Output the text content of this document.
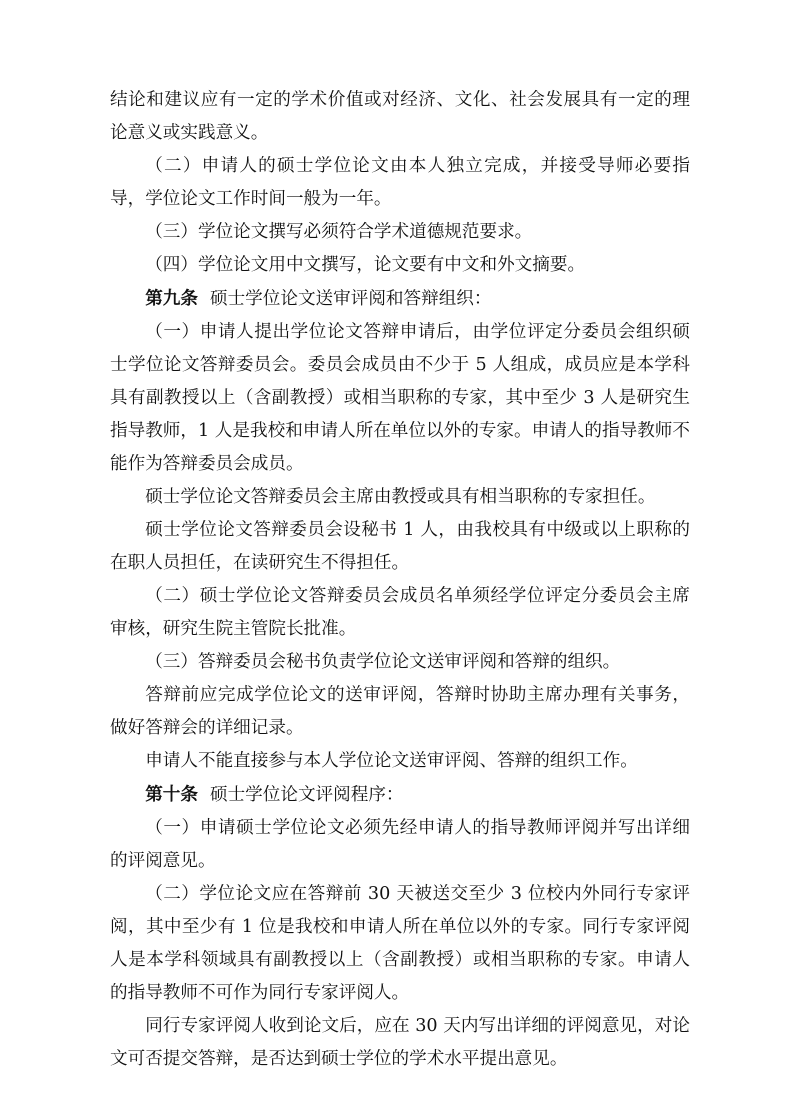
结论和建议应有一定的学术价值或对经济、文化、社会发展具有一定的理论意义或实践意义。

（二）申请人的硕士学位论文由本人独立完成，并接受导师必要指导，学位论文工作时间一般为一年。

（三）学位论文撰写必须符合学术道德规范要求。

（四）学位论文用中文撰写，论文要有中文和外文摘要。

第九条 硕士学位论文送审评阅和答辩组织：

（一）申请人提出学位论文答辩申请后，由学位评定分委员会组织硕士学位论文答辩委员会。委员会成员由不少于 5 人组成，成员应是本学科具有副教授以上（含副教授）或相当职称的专家，其中至少 3 人是研究生指导教师，1 人是我校和申请人所在单位以外的专家。申请人的指导教师不能作为答辩委员会成员。

硕士学位论文答辩委员会主席由教授或具有相当职称的专家担任。

硕士学位论文答辩委员会设秘书 1 人，由我校具有中级或以上职称的在职人员担任，在读研究生不得担任。

（二）硕士学位论文答辩委员会成员名单须经学位评定分委员会主席审核，研究生院主管院长批准。

（三）答辩委员会秘书负责学位论文送审评阅和答辩的组织。

答辩前应完成学位论文的送审评阅，答辩时协助主席办理有关事务，做好答辩会的详细记录。

申请人不能直接参与本人学位论文送审评阅、答辩的组织工作。

第十条 硕士学位论文评阅程序：

（一）申请硕士学位论文必须先经申请人的指导教师评阅并写出详细的评阅意见。

（二）学位论文应在答辩前 30 天被送交至少 3 位校内外同行专家评阅，其中至少有 1 位是我校和申请人所在单位以外的专家。同行专家评阅人是本学科领域具有副教授以上（含副教授）或相当职称的专家。申请人的指导教师不可作为同行专家评阅人。

同行专家评阅人收到论文后，应在 30 天内写出详细的评阅意见，对论文可否提交答辩，是否达到硕士学位的学术水平提出意见。
